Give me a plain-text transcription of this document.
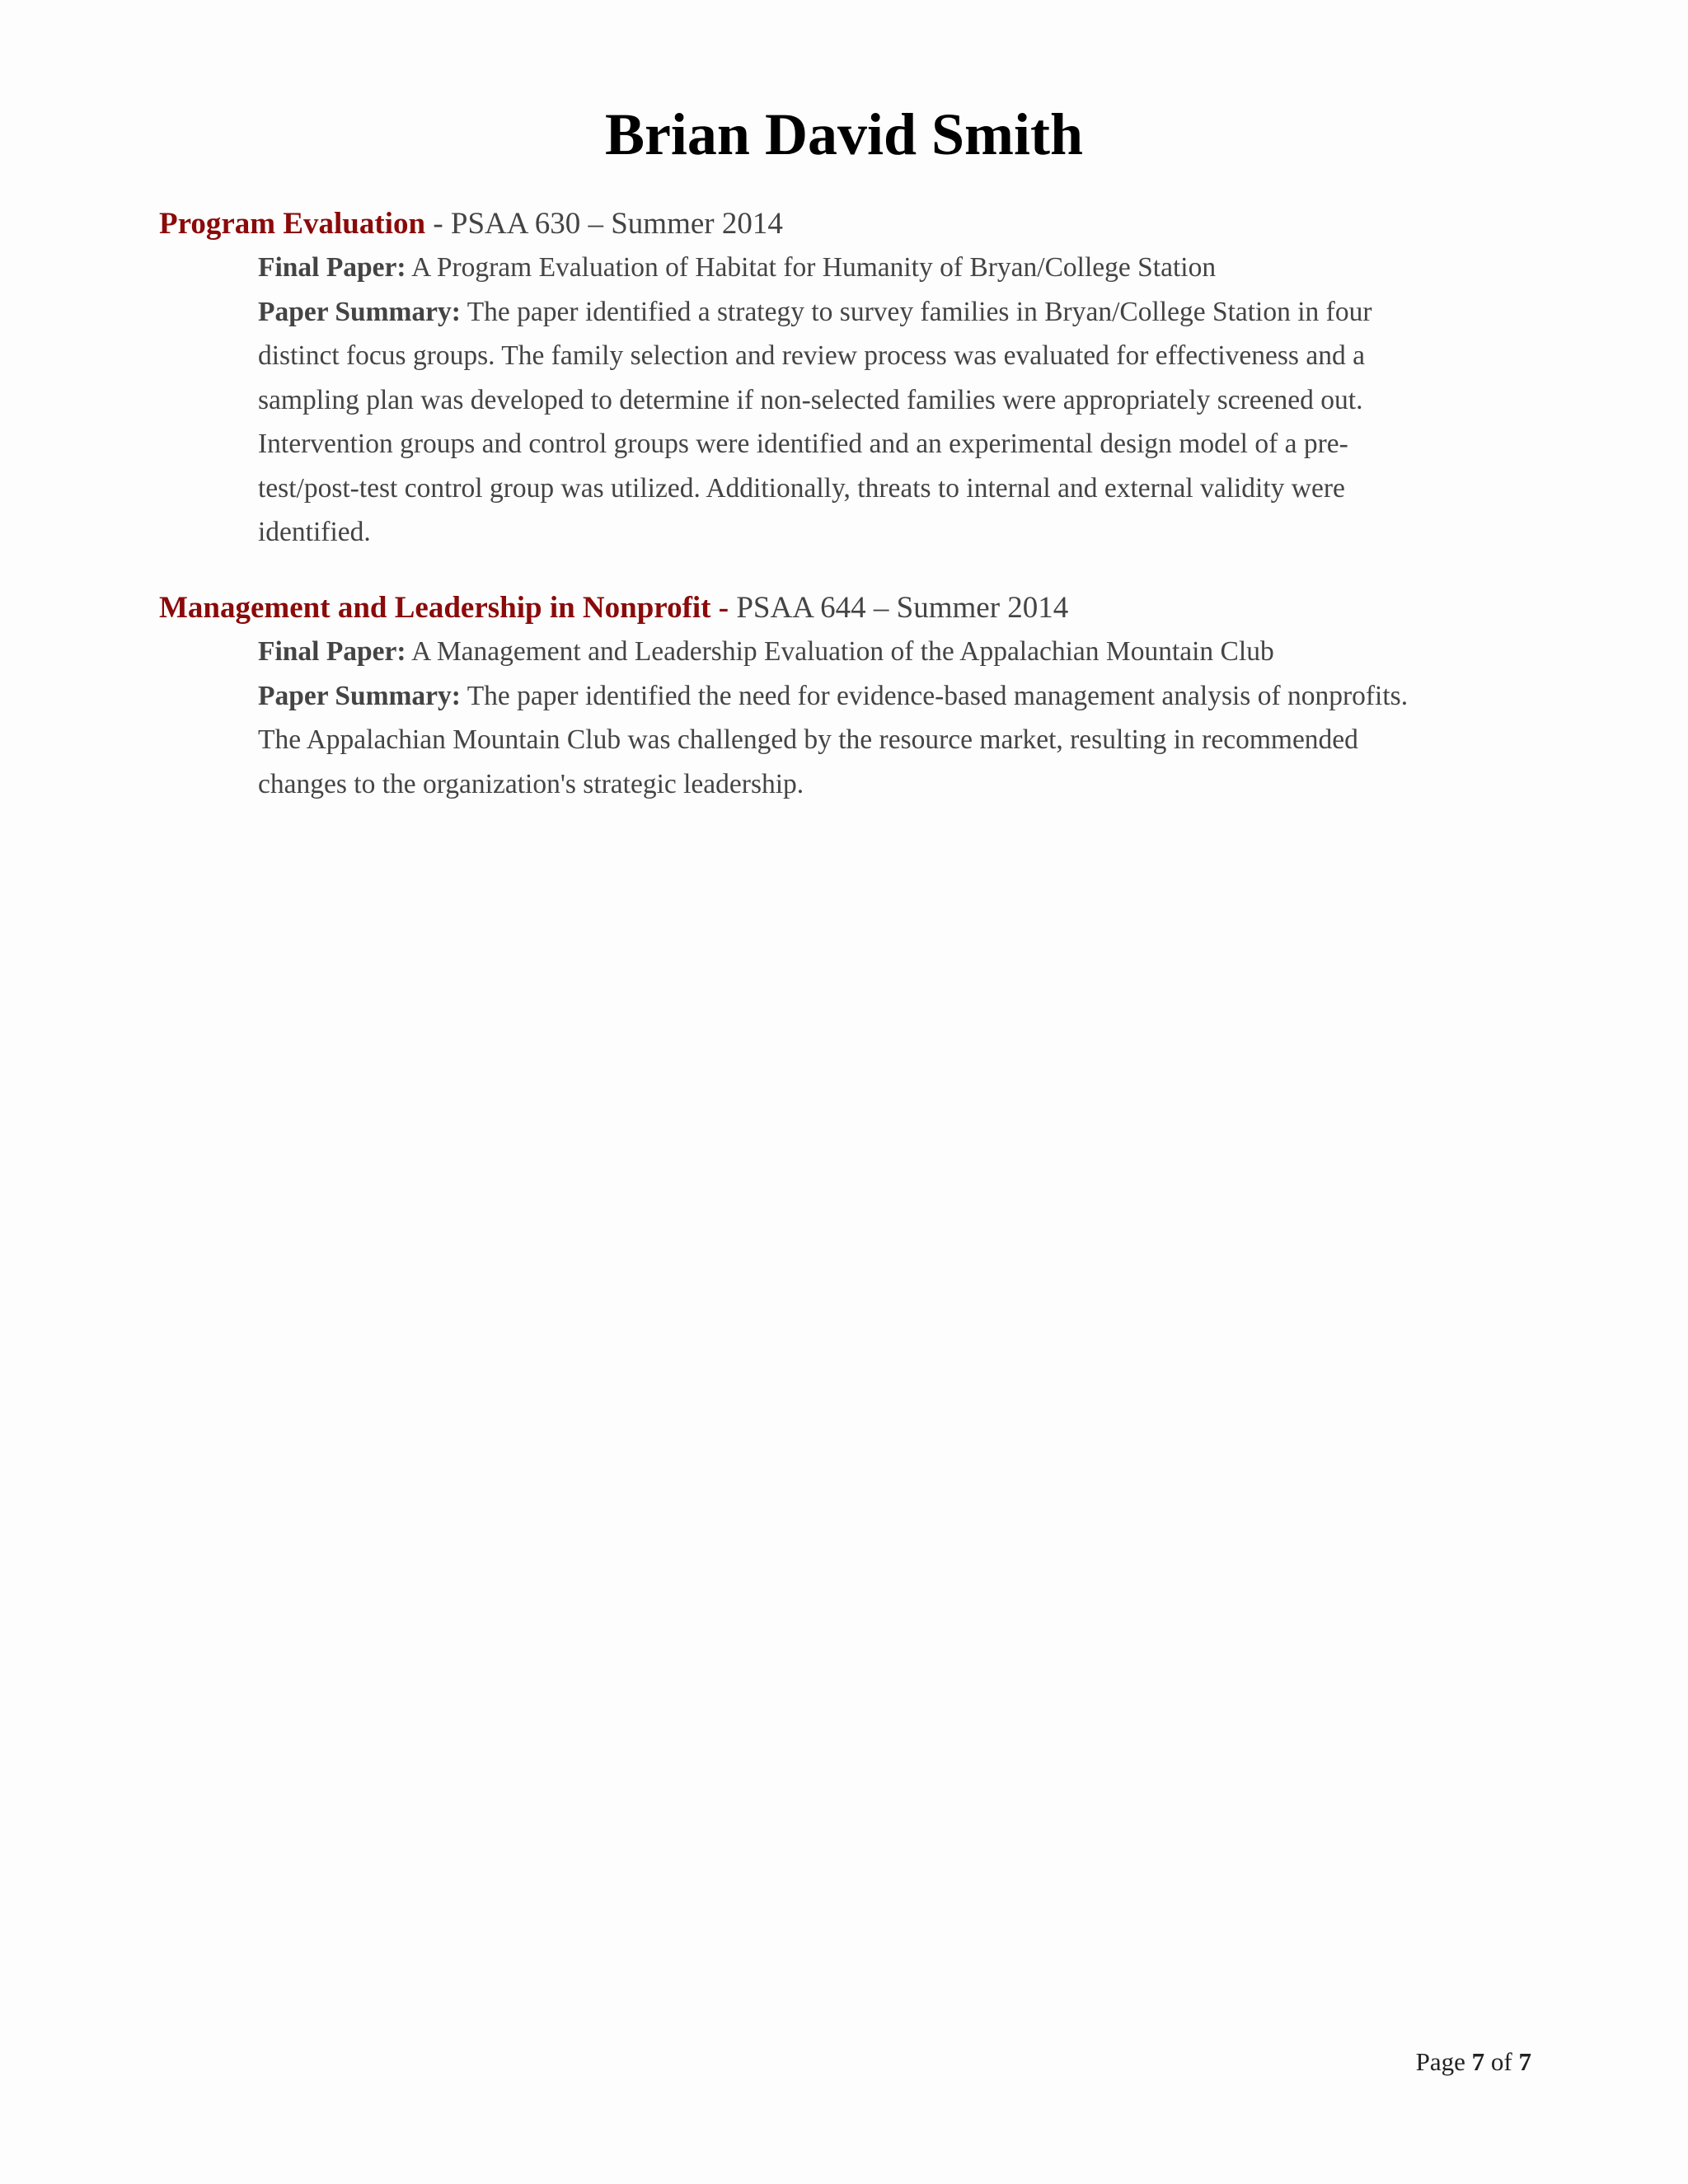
Brian David Smith
Program Evaluation - PSAA 630 – Summer 2014
Final Paper: A Program Evaluation of Habitat for Humanity of Bryan/College Station
Paper Summary: The paper identified a strategy to survey families in Bryan/College Station in four
distinct focus groups. The family selection and review process was evaluated for effectiveness and a
sampling plan was developed to determine if non-selected families were appropriately screened out.
Intervention groups and control groups were identified and an experimental design model of a pre-
test/post-test control group was utilized. Additionally, threats to internal and external validity were
identified.
Management and Leadership in Nonprofit - PSAA 644 – Summer 2014
Final Paper: A Management and Leadership Evaluation of the Appalachian Mountain Club
Paper Summary: The paper identified the need for evidence-based management analysis of nonprofits.
The Appalachian Mountain Club was challenged by the resource market, resulting in recommended
changes to the organization's strategic leadership.
Page 7 of 7
